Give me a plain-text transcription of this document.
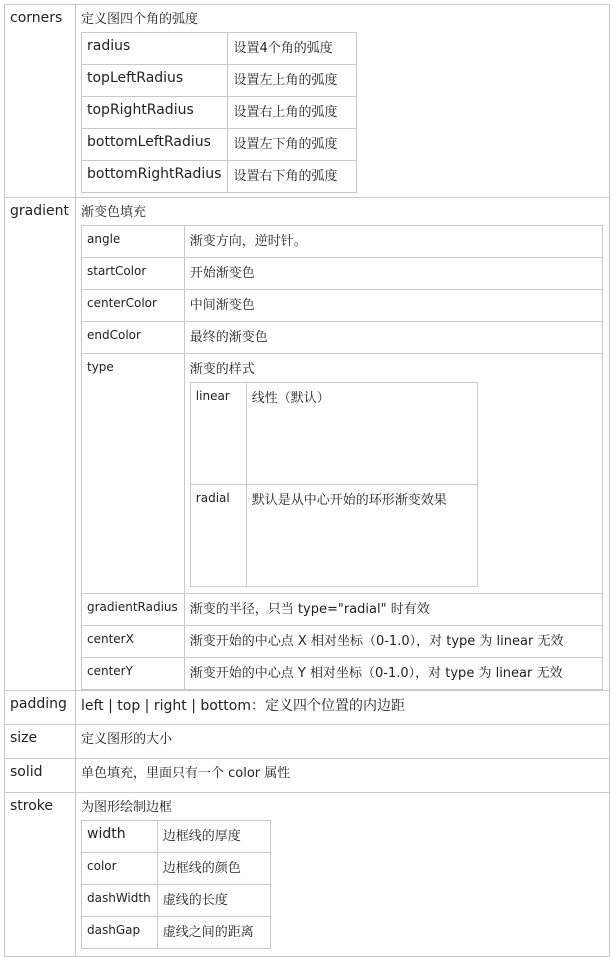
corners	定义图四个角的弧度
radius	设置4个角的弧度
topLeftRadius	设置左上角的弧度
topRightRadius	设置右上角的弧度
bottomLeftRadius	设置左下角的弧度
bottomRightRadius	设置右下角的弧度

gradient	渐变色填充
angle	渐变方向，逆时针。
startColor	开始渐变色
centerColor	中间渐变色
endColor	最终的渐变色
type	渐变的样式
linear	线性（默认）
radial	默认是从中心开始的环形渐变效果

gradientRadius	渐变的半径，只当 type="radial" 时有效
centerX	渐变开始的中心点 X 相对坐标（0-1.0），对 type 为 linear 无效
centerY	渐变开始的中心点 Y 相对坐标（0-1.0），对 type 为 linear 无效

padding	left | top | right | bottom：定义四个位置的内边距
size	定义图形的大小
solid	单色填充，里面只有一个 color 属性
stroke	为图形绘制边框
width	边框线的厚度
color	边框线的颜色
dashWidth	虚线的长度
dashGap	虚线之间的距离
